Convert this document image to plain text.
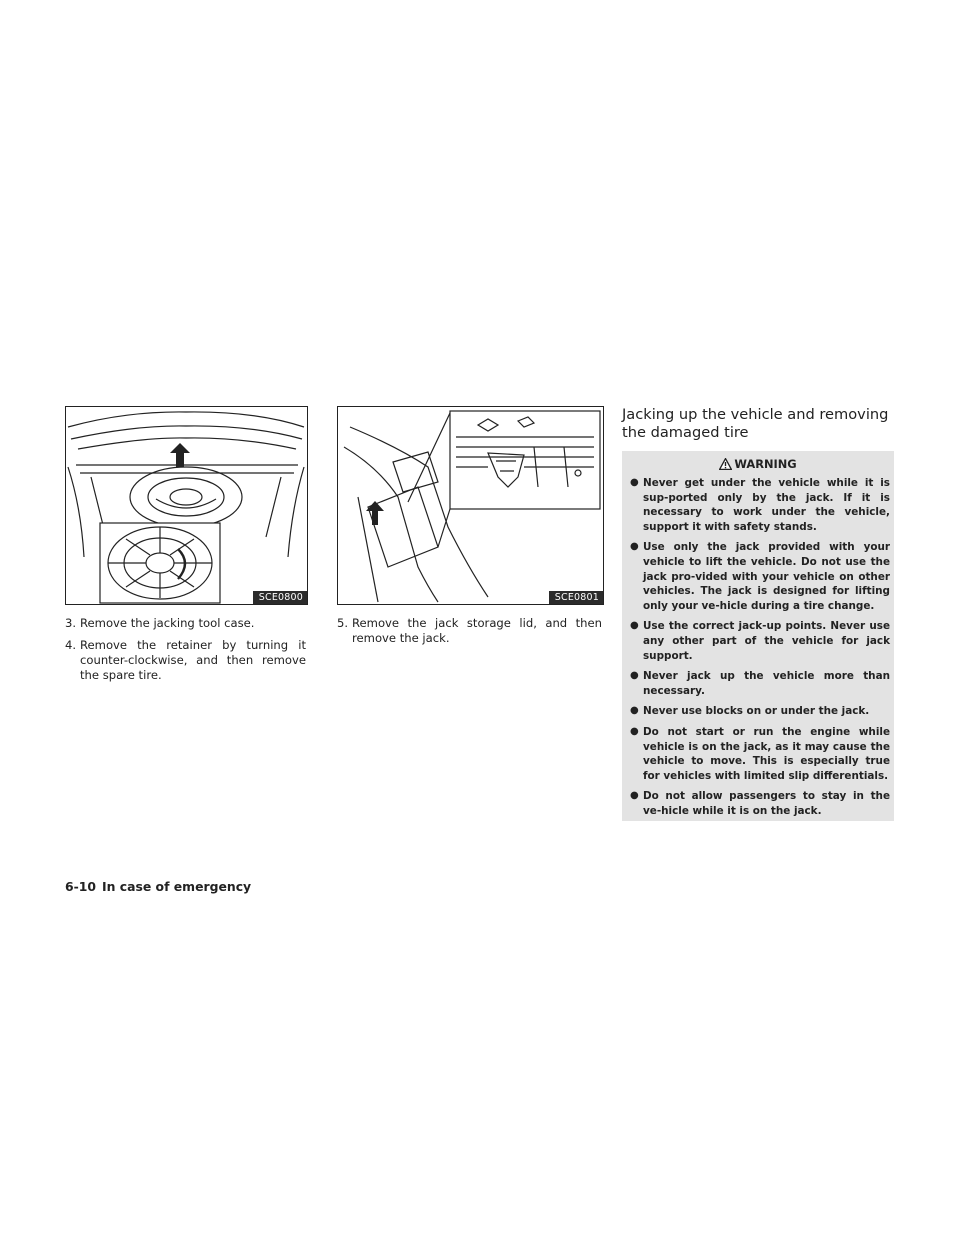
SCE0800	SCE0801
3. Remove the jacking tool case.
4. Remove the retainer by turning it counter-clockwise, and then remove the spare tire.
5. Remove the jack storage lid, and then remove the jack.
Jacking up the vehicle and removing
the damaged tire
WARNING
● Never get under the vehicle while it is sup-ported only by the jack. If it is necessary to work under the vehicle, support it with safety stands.
● Use only the jack provided with your vehicle to lift the vehicle. Do not use the jack pro-vided with your vehicle on other vehicles. The jack is designed for lifting only your ve-hicle during a tire change.
● Use the correct jack-up points. Never use any other part of the vehicle for jack support.
● Never jack up the vehicle more than necessary.
● Never use blocks on or under the jack.
● Do not start or run the engine while vehicle is on the jack, as it may cause the vehicle to move. This is especially true for vehicles with limited slip differentials.
● Do not allow passengers to stay in the ve-hicle while it is on the jack.
6-10 In case of emergency
